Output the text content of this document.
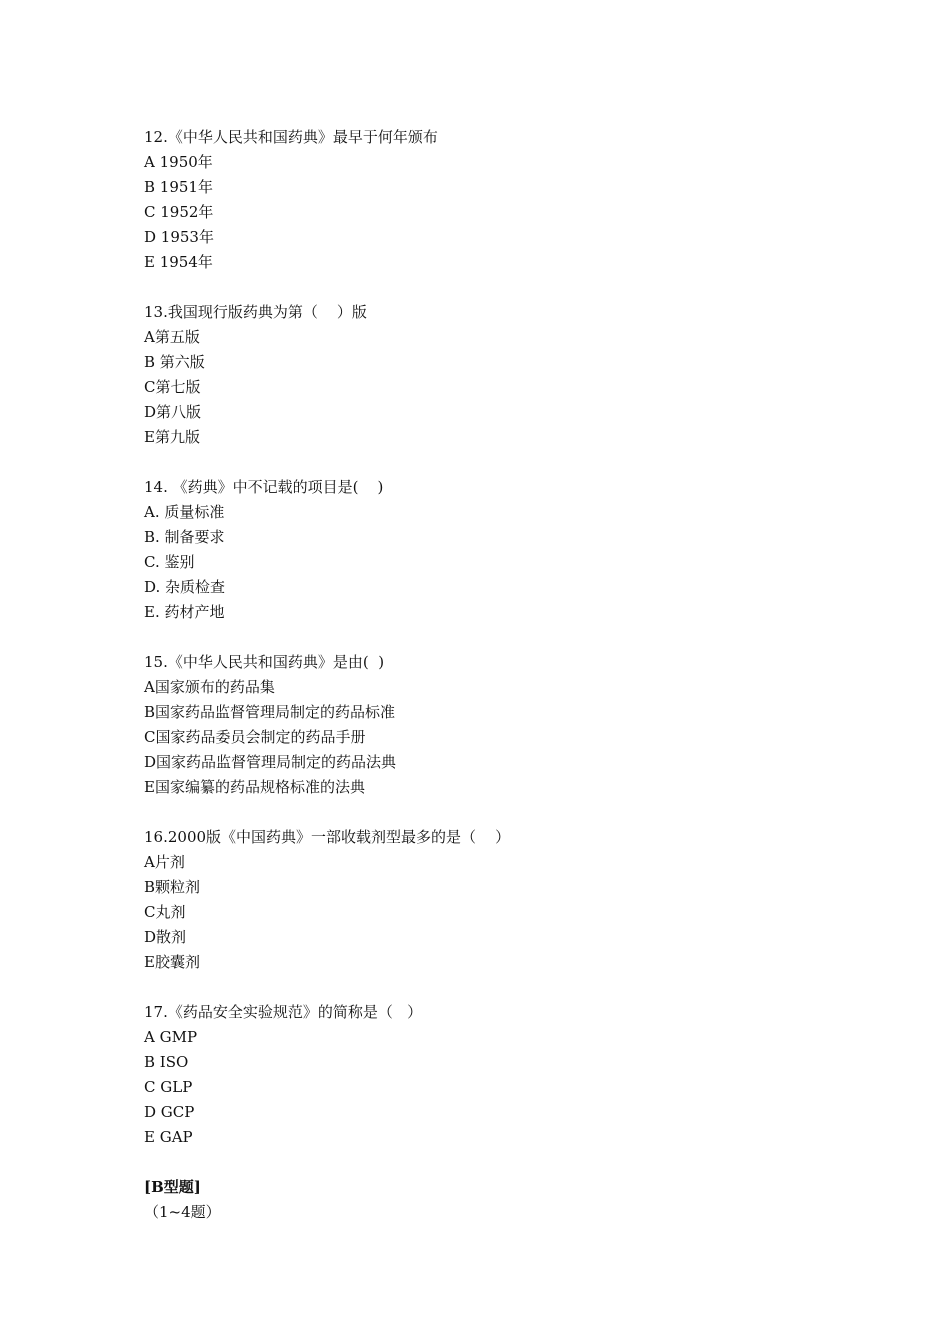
12.《中华人民共和国药典》最早于何年颁布
A 1950年
B 1951年
C 1952年
D 1953年
E 1954年
13.我国现行版药典为第（    ）版
A第五版
B 第六版
C第七版
D第八版
E第九版
14. 《药典》中不记载的项目是(    )
A. 质量标准
B. 制备要求
C. 鉴别
D. 杂质检查
E. 药材产地
15.《中华人民共和国药典》是由(  )
A国家颁布的药品集
B国家药品监督管理局制定的药品标准
C国家药品委员会制定的药品手册
D国家药品监督管理局制定的药品法典
E国家编纂的药品规格标准的法典
16.2000版《中国药典》一部收载剂型最多的是（    ）
A片剂
B颗粒剂
C丸剂
D散剂
E胶囊剂
17.《药品安全实验规范》的简称是（   ）
A GMP
B ISO
C GLP
D GCP
E GAP
[B型题]
（1~4题）
